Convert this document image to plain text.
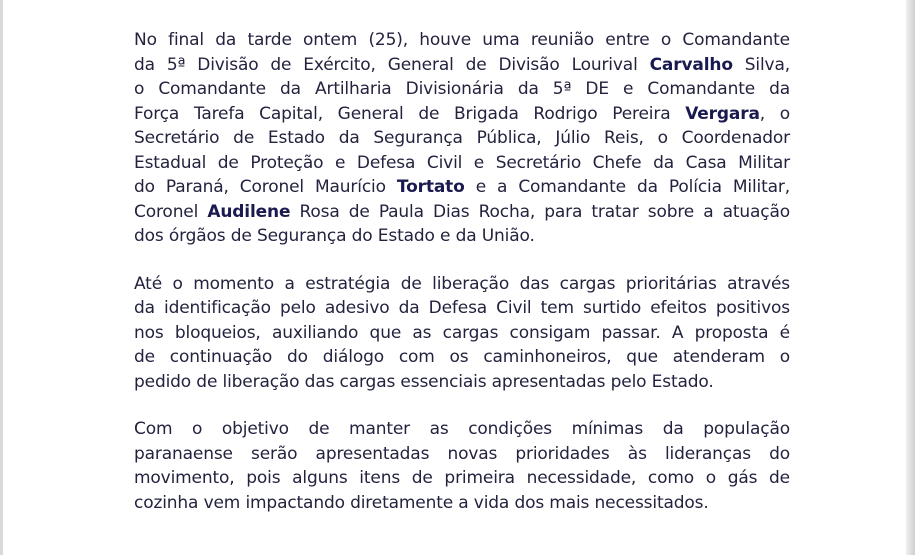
No final da tarde ontem (25), houve uma reunião entre o Comandante
da 5ª Divisão de Exército, General de Divisão Lourival Carvalho Silva,
o Comandante da Artilharia Divisionária da 5ª DE e Comandante da
Força Tarefa Capital, General de Brigada Rodrigo Pereira Vergara, o
Secretário de Estado da Segurança Pública, Júlio Reis, o Coordenador
Estadual de Proteção e Defesa Civil e Secretário Chefe da Casa Militar
do Paraná, Coronel Maurício Tortato e a Comandante da Polícia Militar,
Coronel Audilene Rosa de Paula Dias Rocha, para tratar sobre a atuação
dos órgãos de Segurança do Estado e da União.
Até o momento a estratégia de liberação das cargas prioritárias através
da identificação pelo adesivo da Defesa Civil tem surtido efeitos positivos
nos bloqueios, auxiliando que as cargas consigam passar. A proposta é
de continuação do diálogo com os caminhoneiros, que atenderam o
pedido de liberação das cargas essenciais apresentadas pelo Estado.
Com o objetivo de manter as condições mínimas da população
paranaense serão apresentadas novas prioridades às lideranças do
movimento, pois alguns itens de primeira necessidade, como o gás de
cozinha vem impactando diretamente a vida dos mais necessitados.
